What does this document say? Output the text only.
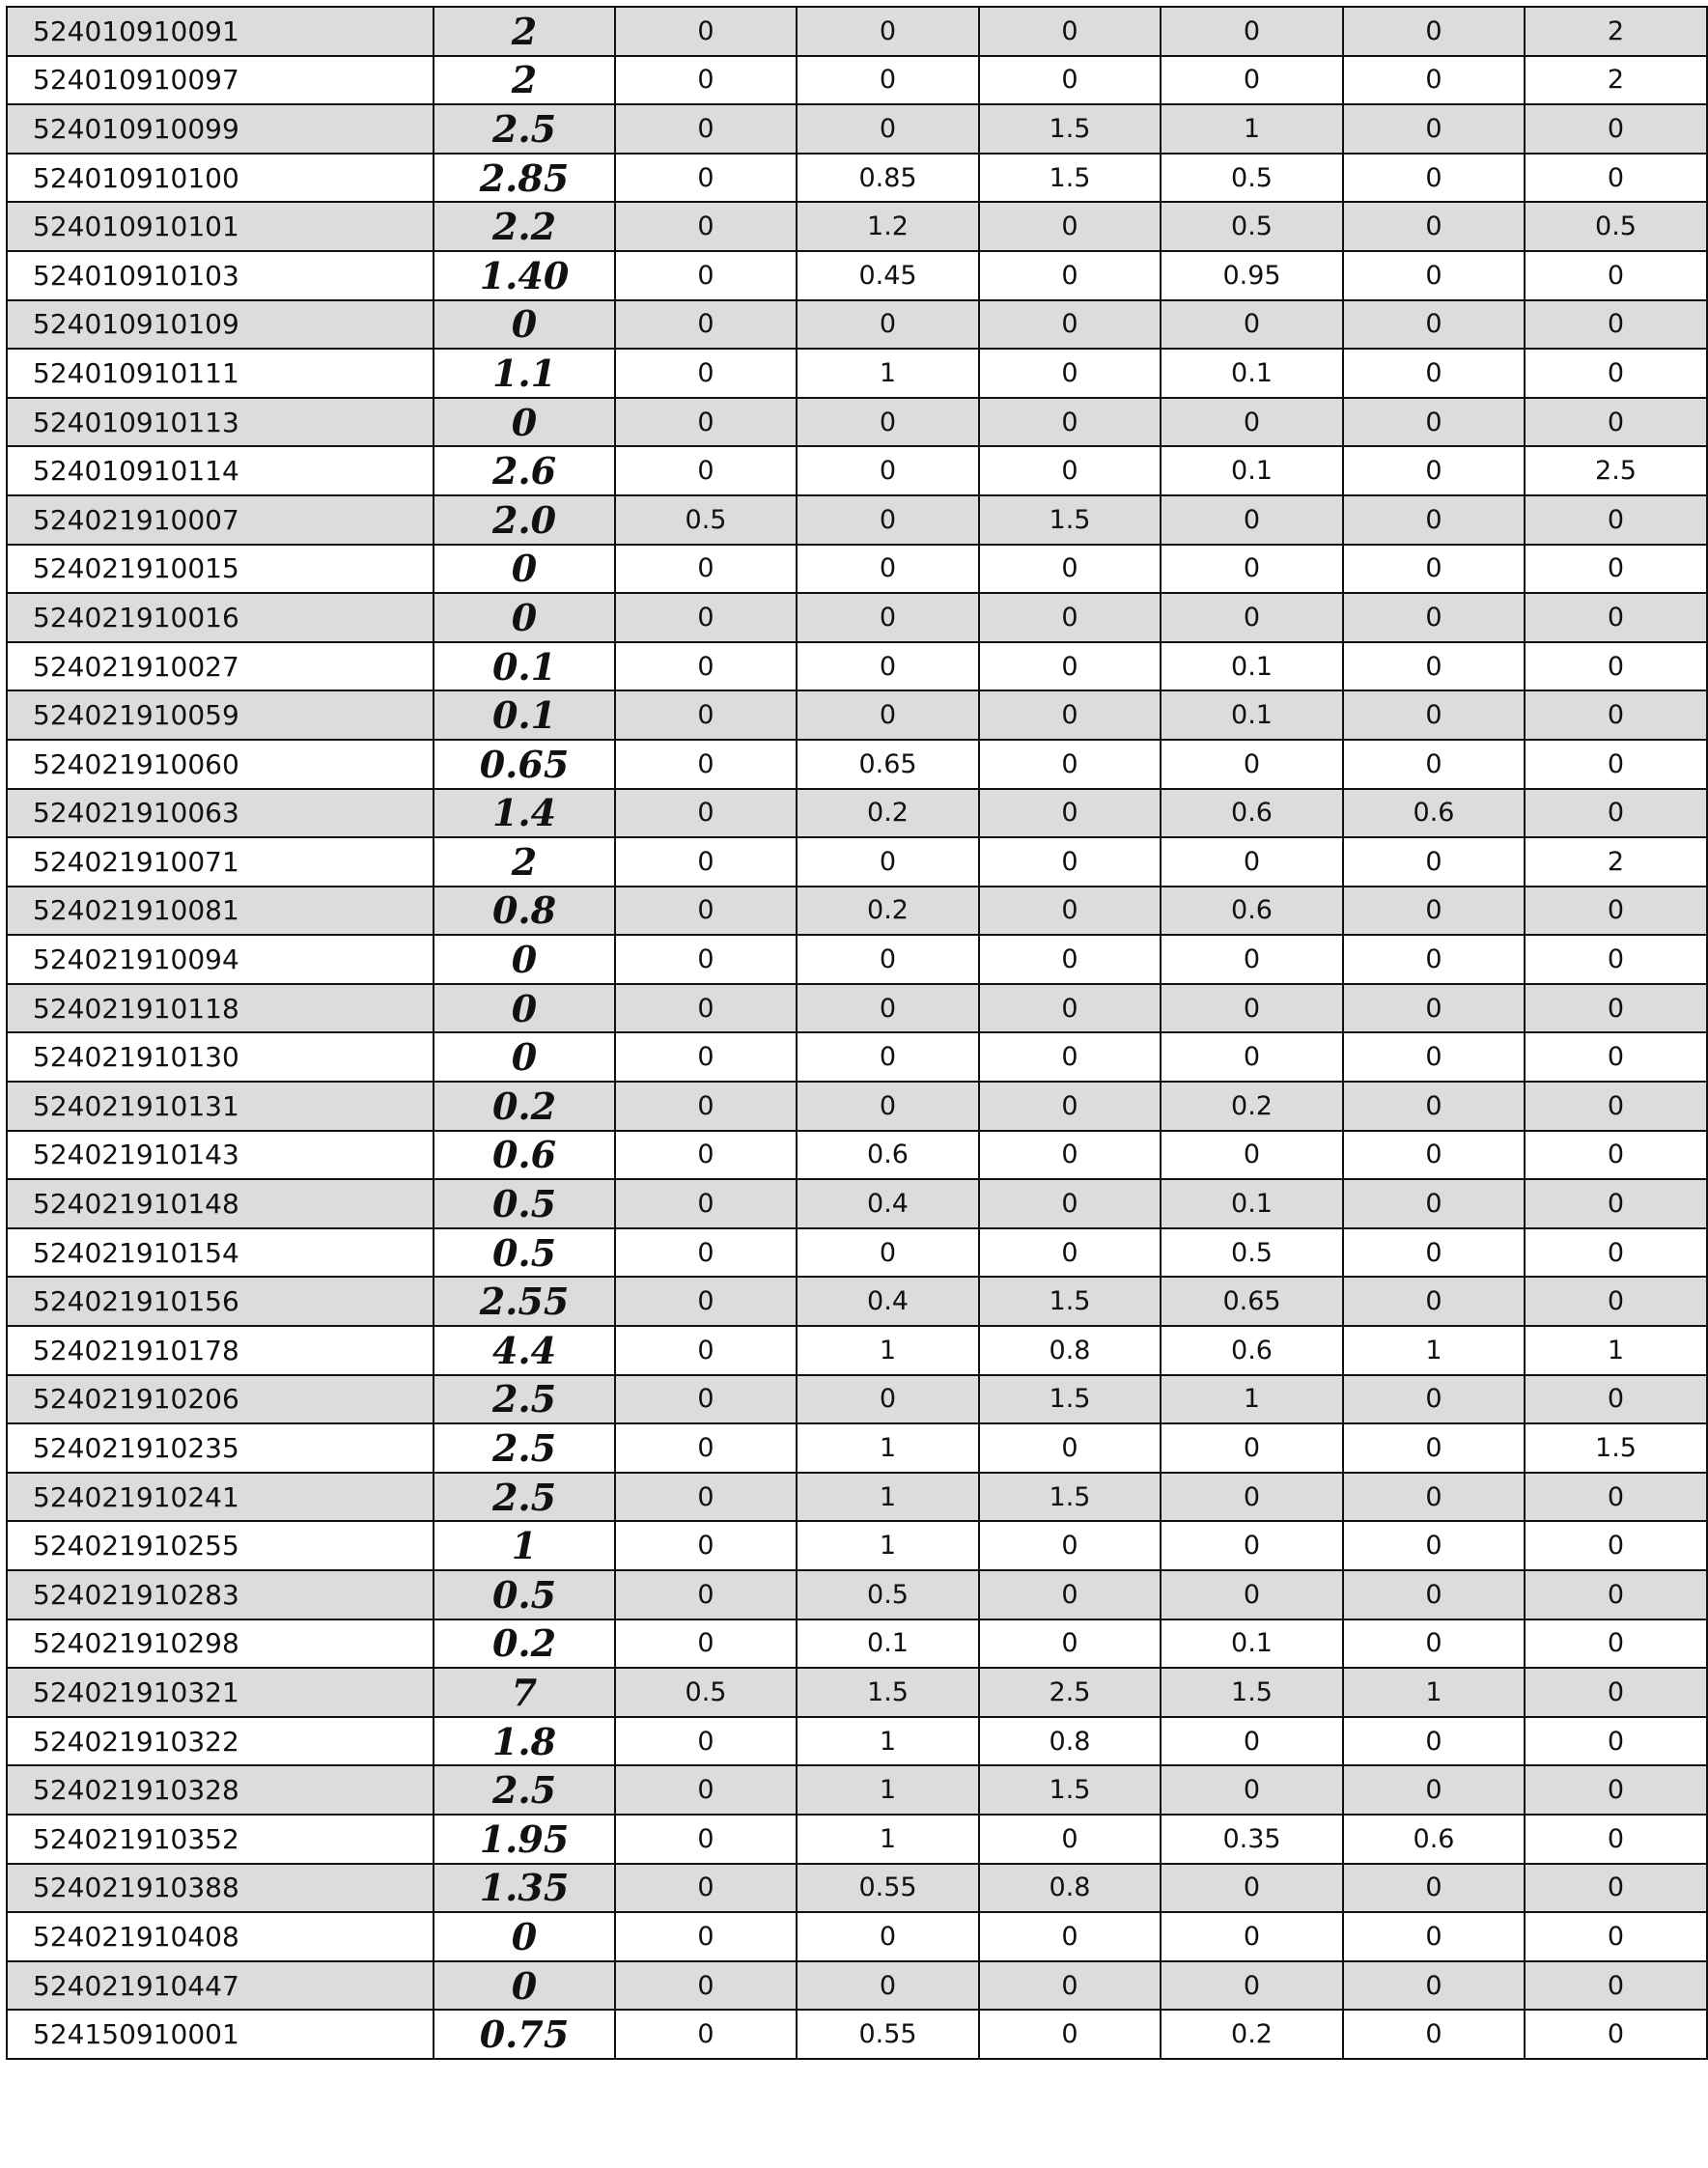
524010910091	2	0	0	0	0	0	2
524010910097	2	0	0	0	0	0	2
524010910099	2.5	0	0	1.5	1	0	0
524010910100	2.85	0	0.85	1.5	0.5	0	0
524010910101	2.2	0	1.2	0	0.5	0	0.5
524010910103	1.40	0	0.45	0	0.95	0	0
524010910109	0	0	0	0	0	0	0
524010910111	1.1	0	1	0	0.1	0	0
524010910113	0	0	0	0	0	0	0
524010910114	2.6	0	0	0	0.1	0	2.5
524021910007	2.0	0.5	0	1.5	0	0	0
524021910015	0	0	0	0	0	0	0
524021910016	0	0	0	0	0	0	0
524021910027	0.1	0	0	0	0.1	0	0
524021910059	0.1	0	0	0	0.1	0	0
524021910060	0.65	0	0.65	0	0	0	0
524021910063	1.4	0	0.2	0	0.6	0.6	0
524021910071	2	0	0	0	0	0	2
524021910081	0.8	0	0.2	0	0.6	0	0
524021910094	0	0	0	0	0	0	0
524021910118	0	0	0	0	0	0	0
524021910130	0	0	0	0	0	0	0
524021910131	0.2	0	0	0	0.2	0	0
524021910143	0.6	0	0.6	0	0	0	0
524021910148	0.5	0	0.4	0	0.1	0	0
524021910154	0.5	0	0	0	0.5	0	0
524021910156	2.55	0	0.4	1.5	0.65	0	0
524021910178	4.4	0	1	0.8	0.6	1	1
524021910206	2.5	0	0	1.5	1	0	0
524021910235	2.5	0	1	0	0	0	1.5
524021910241	2.5	0	1	1.5	0	0	0
524021910255	1	0	1	0	0	0	0
524021910283	0.5	0	0.5	0	0	0	0
524021910298	0.2	0	0.1	0	0.1	0	0
524021910321	7	0.5	1.5	2.5	1.5	1	0
524021910322	1.8	0	1	0.8	0	0	0
524021910328	2.5	0	1	1.5	0	0	0
524021910352	1.95	0	1	0	0.35	0.6	0
524021910388	1.35	0	0.55	0.8	0	0	0
524021910408	0	0	0	0	0	0	0
524021910447	0	0	0	0	0	0	0
524150910001	0.75	0	0.55	0	0.2	0	0
